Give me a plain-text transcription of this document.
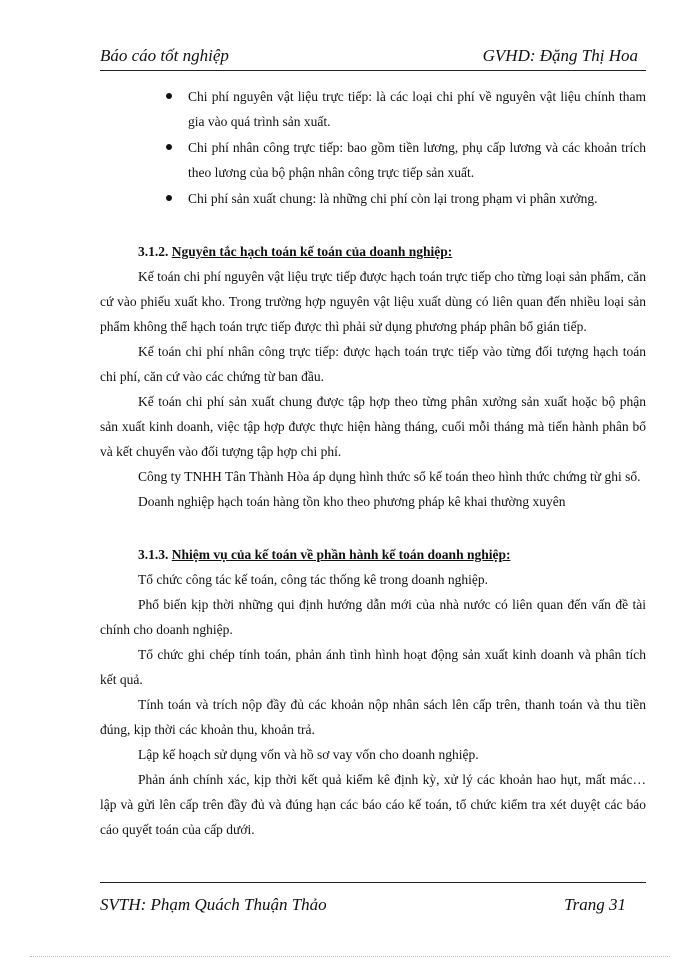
Báo cáo tốt nghiệp	GVHD: Đặng Thị Hoa
Chi phí nguyên vật liệu trực tiếp: là các loại chi phí về nguyên vật liệu chính tham gia vào quá trình sản xuất.
Chi phí nhân công trực tiếp: bao gồm tiền lương, phụ cấp lương và các khoản trích theo lương của bộ phận nhân công trực tiếp sản xuất.
Chi phí sản xuất chung: là những chi phí còn lại trong phạm vi phân xưởng.
3.1.2. Nguyên tắc hạch toán kế toán của doanh nghiệp:

Kế toán chi phí nguyên vật liệu trực tiếp được hạch toán trực tiếp cho từng loại sản phẩm, căn cứ vào phiếu xuất kho. Trong trường hợp nguyên vật liệu xuất dùng có liên quan đến nhiều loại sản phẩm không thể hạch toán trực tiếp được thì phải sử dụng phương pháp phân bổ gián tiếp.

Kế toán chi phí nhân công trực tiếp: được hạch toán trực tiếp vào từng đối tượng hạch toán chi phí, căn cứ vào các chứng từ ban đầu.

Kế toán chi phí sản xuất chung được tập hợp theo từng phân xưởng sản xuất hoặc bộ phận sản xuất kinh doanh, việc tập hợp được thực hiện hàng tháng, cuối mỗi tháng mà tiến hành phân bổ và kết chuyển vào đối tượng tập hợp chi phí.

Công ty TNHH Tân Thành Hòa áp dụng hình thức sổ kế toán theo hình thức chứng từ ghi sổ.

Doanh nghiệp hạch toán hàng tồn kho theo phương pháp kê khai thường xuyên

3.1.3. Nhiệm vụ của kế toán về phần hành kế toán doanh nghiệp:

Tổ chức công tác kế toán, công tác thống kê trong doanh nghiệp.

Phổ biến kịp thời những qui định hướng dẫn mới của nhà nước có liên quan đến vấn đề tài chính cho doanh nghiệp.

Tổ chức ghi chép tính toán, phản ánh tình hình hoạt động sản xuất kinh doanh và phân tích kết quả.

Tính toán và trích nộp đầy đủ các khoản nộp nhân sách lên cấp trên, thanh toán và thu tiền đúng, kịp thời các khoản thu, khoản trả.

Lập kế hoạch sử dụng vốn và hồ sơ vay vốn cho doanh nghiệp.

Phản ánh chính xác, kịp thời kết quả kiểm kê định kỳ, xử lý các khoản hao hụt, mất mác… lập và gửi lên cấp trên đầy đủ và đúng hạn các báo cáo kế toán, tổ chức kiểm tra xét duyệt các báo cáo quyết toán của cấp dưới.

SVTH: Phạm Quách Thuận Thảo	Trang 31
